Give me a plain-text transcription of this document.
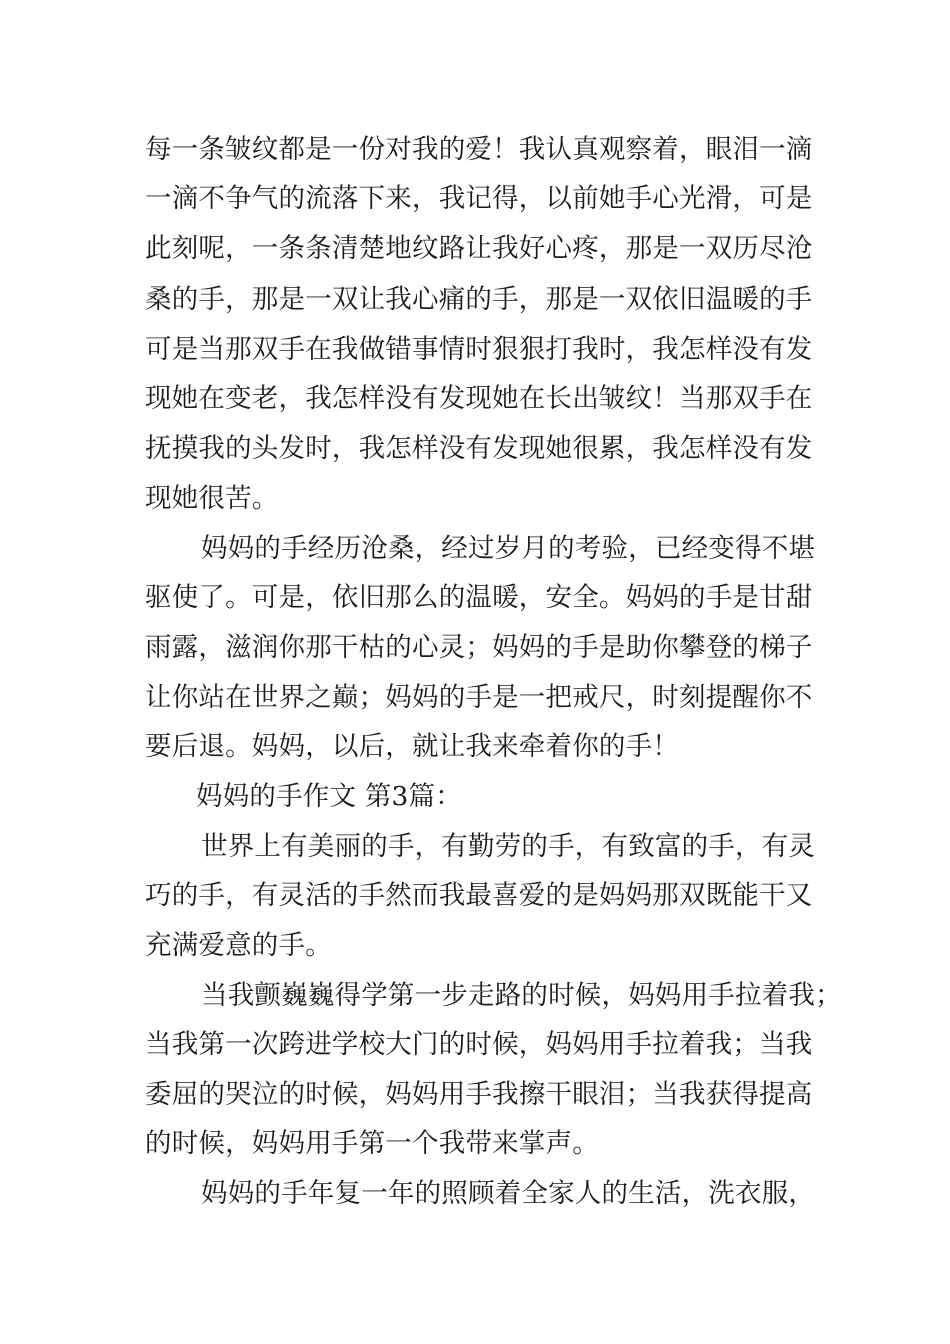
每一条皱纹都是一份对我的爱！我认真观察着，眼泪一滴
一滴不争气的流落下来，我记得，以前她手心光滑，可是
此刻呢，一条条清楚地纹路让我好心疼，那是一双历尽沧
桑的手，那是一双让我心痛的手，那是一双依旧温暖的手
可是当那双手在我做错事情时狠狠打我时，我怎样没有发
现她在变老，我怎样没有发现她在长出皱纹！当那双手在
抚摸我的头发时，我怎样没有发现她很累，我怎样没有发
现她很苦。
妈妈的手经历沧桑，经过岁月的考验，已经变得不堪
驱使了。可是，依旧那么的温暖，安全。妈妈的手是甘甜
雨露，滋润你那干枯的心灵；妈妈的手是助你攀登的梯子
让你站在世界之巅；妈妈的手是一把戒尺，时刻提醒你不
要后退。妈妈，以后，就让我来牵着你的手！
妈妈的手作文 第3篇：
世界上有美丽的手，有勤劳的手，有致富的手，有灵
巧的手，有灵活的手然而我最喜爱的是妈妈那双既能干又
充满爱意的手。
当我颤巍巍得学第一步走路的时候，妈妈用手拉着我；
当我第一次跨进学校大门的时候，妈妈用手拉着我；当我
委屈的哭泣的时候，妈妈用手我擦干眼泪；当我获得提高
的时候，妈妈用手第一个我带来掌声。
妈妈的手年复一年的照顾着全家人的生活，洗衣服，
